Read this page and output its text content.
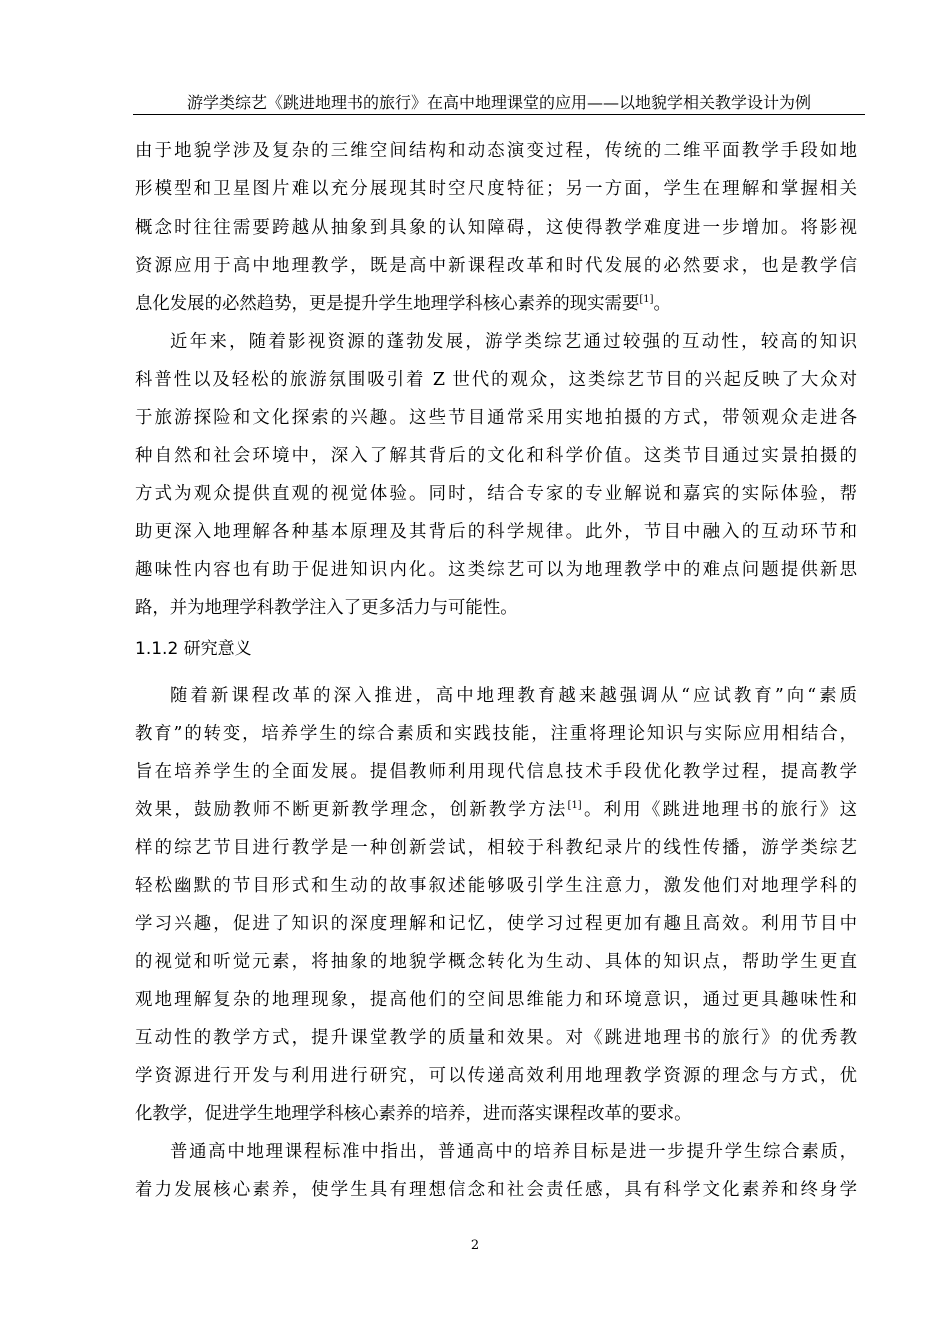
游学类综艺《跳进地理书的旅行》在高中地理课堂的应用——以地貌学相关教学设计为例
由于地貌学涉及复杂的三维空间结构和动态演变过程，传统的二维平面教学手段如地
形模型和卫星图片难以充分展现其时空尺度特征；另一方面，学生在理解和掌握相关
概念时往往需要跨越从抽象到具象的认知障碍，这使得教学难度进一步增加。将影视
资源应用于高中地理教学，既是高中新课程改革和时代发展的必然要求，也是教学信
息化发展的必然趋势，更是提升学生地理学科核心素养的现实需要[1]。
近年来，随着影视资源的蓬勃发展，游学类综艺通过较强的互动性，较高的知识
科普性以及轻松的旅游氛围吸引着 Z 世代的观众，这类综艺节目的兴起反映了大众对
于旅游探险和文化探索的兴趣。这些节目通常采用实地拍摄的方式，带领观众走进各
种自然和社会环境中，深入了解其背后的文化和科学价值。这类节目通过实景拍摄的
方式为观众提供直观的视觉体验。同时，结合专家的专业解说和嘉宾的实际体验，帮
助更深入地理解各种基本原理及其背后的科学规律。此外，节目中融入的互动环节和
趣味性内容也有助于促进知识内化。这类综艺可以为地理教学中的难点问题提供新思
路，并为地理学科教学注入了更多活力与可能性。
1.1.2 研究意义
随着新课程改革的深入推进，高中地理教育越来越强调从“应试教育”向“素质
教育”的转变，培养学生的综合素质和实践技能，注重将理论知识与实际应用相结合，
旨在培养学生的全面发展。提倡教师利用现代信息技术手段优化教学过程，提高教学
效果，鼓励教师不断更新教学理念，创新教学方法[1]。利用《跳进地理书的旅行》这
样的综艺节目进行教学是一种创新尝试，相较于科教纪录片的线性传播，游学类综艺
轻松幽默的节目形式和生动的故事叙述能够吸引学生注意力，激发他们对地理学科的
学习兴趣，促进了知识的深度理解和记忆，使学习过程更加有趣且高效。利用节目中
的视觉和听觉元素，将抽象的地貌学概念转化为生动、具体的知识点，帮助学生更直
观地理解复杂的地理现象，提高他们的空间思维能力和环境意识，通过更具趣味性和
互动性的教学方式，提升课堂教学的质量和效果。对《跳进地理书的旅行》的优秀教
学资源进行开发与利用进行研究，可以传递高效利用地理教学资源的理念与方式，优
化教学，促进学生地理学科核心素养的培养，进而落实课程改革的要求。
普通高中地理课程标准中指出，普通高中的培养目标是进一步提升学生综合素质，
着力发展核心素养，使学生具有理想信念和社会责任感，具有科学文化素养和终身学
2
